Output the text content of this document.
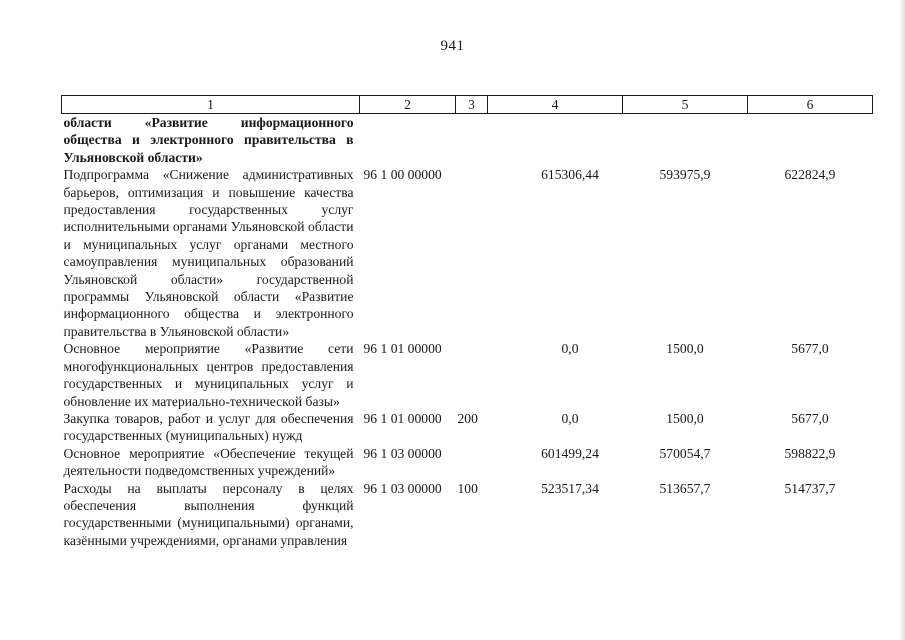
941
1	2	3	4	5	6
области «Развитие информационного общества и электронного правительства в Ульяновской области»					
Подпрограмма «Снижение административных барьеров, оптимизация и повышение качества предоставления государственных услуг исполнительными органами Ульяновской области и муниципальных услуг органами местного самоуправления муниципальных образований Ульяновской области» государственной программы Ульяновской области «Развитие информационного общества и электронного правительства в Ульяновской области»	96 1 00 00000		615306,44	593975,9	622824,9
Основное мероприятие «Развитие сети многофункциональных центров предоставления государственных и муниципальных услуг и обновление их материально-технической базы»	96 1 01 00000		0,0	1500,0	5677,0
Закупка товаров, работ и услуг для обеспечения государственных (муниципальных) нужд	96 1 01 00000	200	0,0	1500,0	5677,0
Основное мероприятие «Обеспечение текущей деятельности подведомственных учреждений»	96 1 03 00000		601499,24	570054,7	598822,9
Расходы на выплаты персоналу в целях обеспечения выполнения функций государственными (муниципальными) органами, казёнными учреждениями, органами управления	96 1 03 00000	100	523517,34	513657,7	514737,7
